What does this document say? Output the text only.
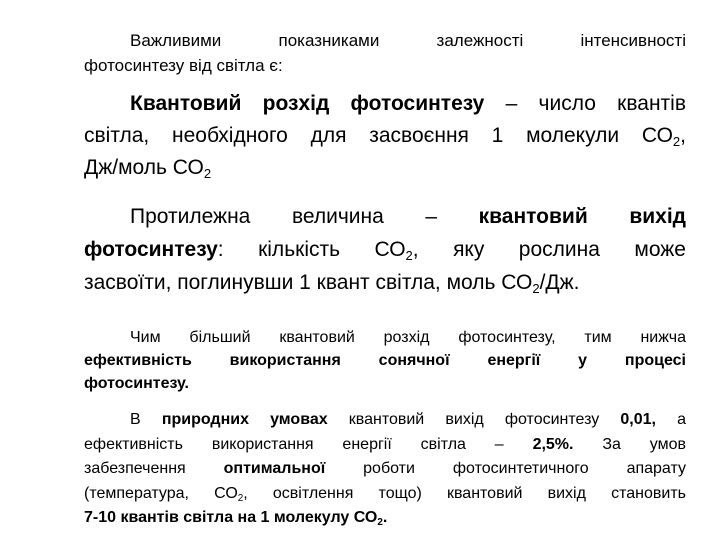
Важливими показниками залежності інтенсивності
фотосинтезу від світла є:
Квантовий розхід фотосинтезу – число квантів
світла, необхідного для засвоєння 1 молекули $СО_2$,
Дж/моль $СО_2$
Протилежна величина – квантовий вихід
фотосинтезу: кількість $СО_2$, яку рослина може
засвоїти, поглинувши 1 квант світла, моль $СО_2/Дж$.
Чим більший квантовий розхід фотосинтезу, тим нижча
ефективність використання сонячної енергії у процесі
фотосинтезу.
В природних умовах квантовий вихід фотосинтезу 0,01, а
ефективність використання енергії світла – 2,5%. За умов
забезпечення оптимальної роботи фотосинтетичного апарату
(температура, $СО_2$, освітлення тощо) квантовий вихід становить
7-10 квантів світла на 1 молекулу $СО_2$.
